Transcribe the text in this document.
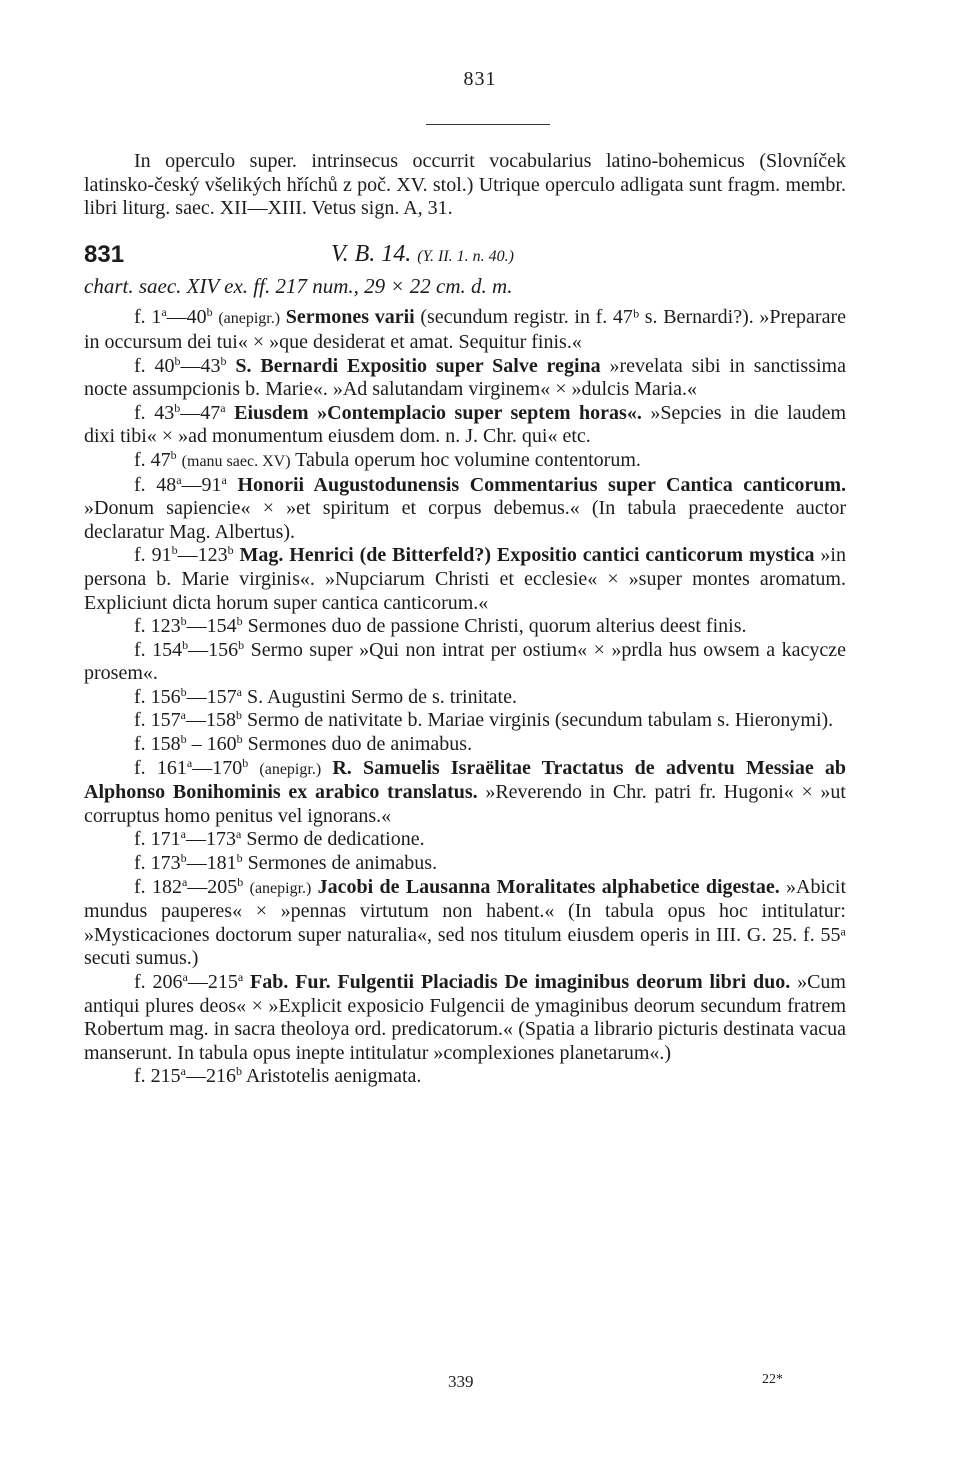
831

In operculo super. intrinsecus occurrit vocabularius latino-bohemicus (Slovníček latinsko-český všelikých hříchů z poč. XV. stol.) Utrique operculo adligata sunt fragm. membr. libri liturg. saec. XII—XIII. Vetus sign. A, 31.

831	V. B. 14. (Y. II. 1. n. 40.)

chart. saec. XIV ex. ff. 217 num., 29 × 22 cm. d. m.

f. 1$^a$—40$^b$ (anepigr.) Sermones varii (secundum registr. in f. 47ᵇ s. Bernardi?). »Preparare in occursum dei tui« × »que desiderat et amat. Sequitur finis.«

f. 40$^b$—43$^b$ S. Bernardi Expositio super Salve regina »revelata sibi in sanctissima nocte assumpcionis b. Marie«. »Ad salutandam virginem« × »dulcis Maria.«

f. 43$^b$—47$^a$ Eiusdem »Contemplacio super septem horas«. »Sepcies in die laudem dixi tibi« × »ad monumentum eiusdem dom. n. J. Chr. qui« etc.

f. 47$^b$ (manu saec. XV) Tabula operum hoc volumine contentorum.

f. 48$^a$—91$^a$ Honorii Augustodunensis Commentarius super Cantica canticorum. »Donum sapiencie« × »et spiritum et corpus debemus.« (In tabula praecedente auctor declaratur Mag. Albertus).

f. 91$^b$—123$^b$ Mag. Henrici (de Bitterfeld?) Expositio cantici canticorum mystica »in persona b. Marie virginis«. »Nupciarum Christi et ecclesie« × »super montes aromatum. Expliciunt dicta horum super cantica canticorum.«

f. 123$^b$—154$^b$ Sermones duo de passione Christi, quorum alterius deest finis.

f. 154$^b$—156$^b$ Sermo super »Qui non intrat per ostium« × »prdla hus owsem a kacycze prosem«.

f. 156$^b$—157$^a$ S. Augustini Sermo de s. trinitate.

f. 157$^a$—158$^b$ Sermo de nativitate b. Mariae virginis (secundum tabulam s. Hieronymi).

f. 158$^b$ – 160$^b$ Sermones duo de animabus.

f. 161$^a$—170$^b$ (anepigr.) R. Samuelis Israëlitae Tractatus de adventu Messiae ab Alphonso Bonihominis ex arabico translatus. »Reverendo in Chr. patri fr. Hugoni« × »ut corruptus homo penitus vel ignorans.«

f. 171$^a$—173$^a$ Sermo de dedicatione.

f. 173$^b$—181$^b$ Sermones de animabus.

f. 182$^a$—205$^b$ (anepigr.) Jacobi de Lausanna Moralitates alphabetice digestae. »Abicit mundus pauperes« × »pennas virtutum non habent.« (In tabula opus hoc intitulatur: »Mysticaciones doctorum super naturalia«, sed nos titulum eiusdem operis in III. G. 25. f. 55ᵃ secuti sumus.)

f. 206$^a$—215$^a$ Fab. Fur. Fulgentii Placiadis De imaginibus deorum libri duo. »Cum antiqui plures deos« × »Explicit exposicio Fulgencii de ymaginibus deorum secundum fratrem Robertum mag. in sacra theoloya ord. predicatorum.« (Spatia a librario picturis destinata vacua manserunt. In tabula opus inepte intitulatur »complexiones planetarum«.)

f. 215$^a$—216$^b$ Aristotelis aenigmata.

339	22*
